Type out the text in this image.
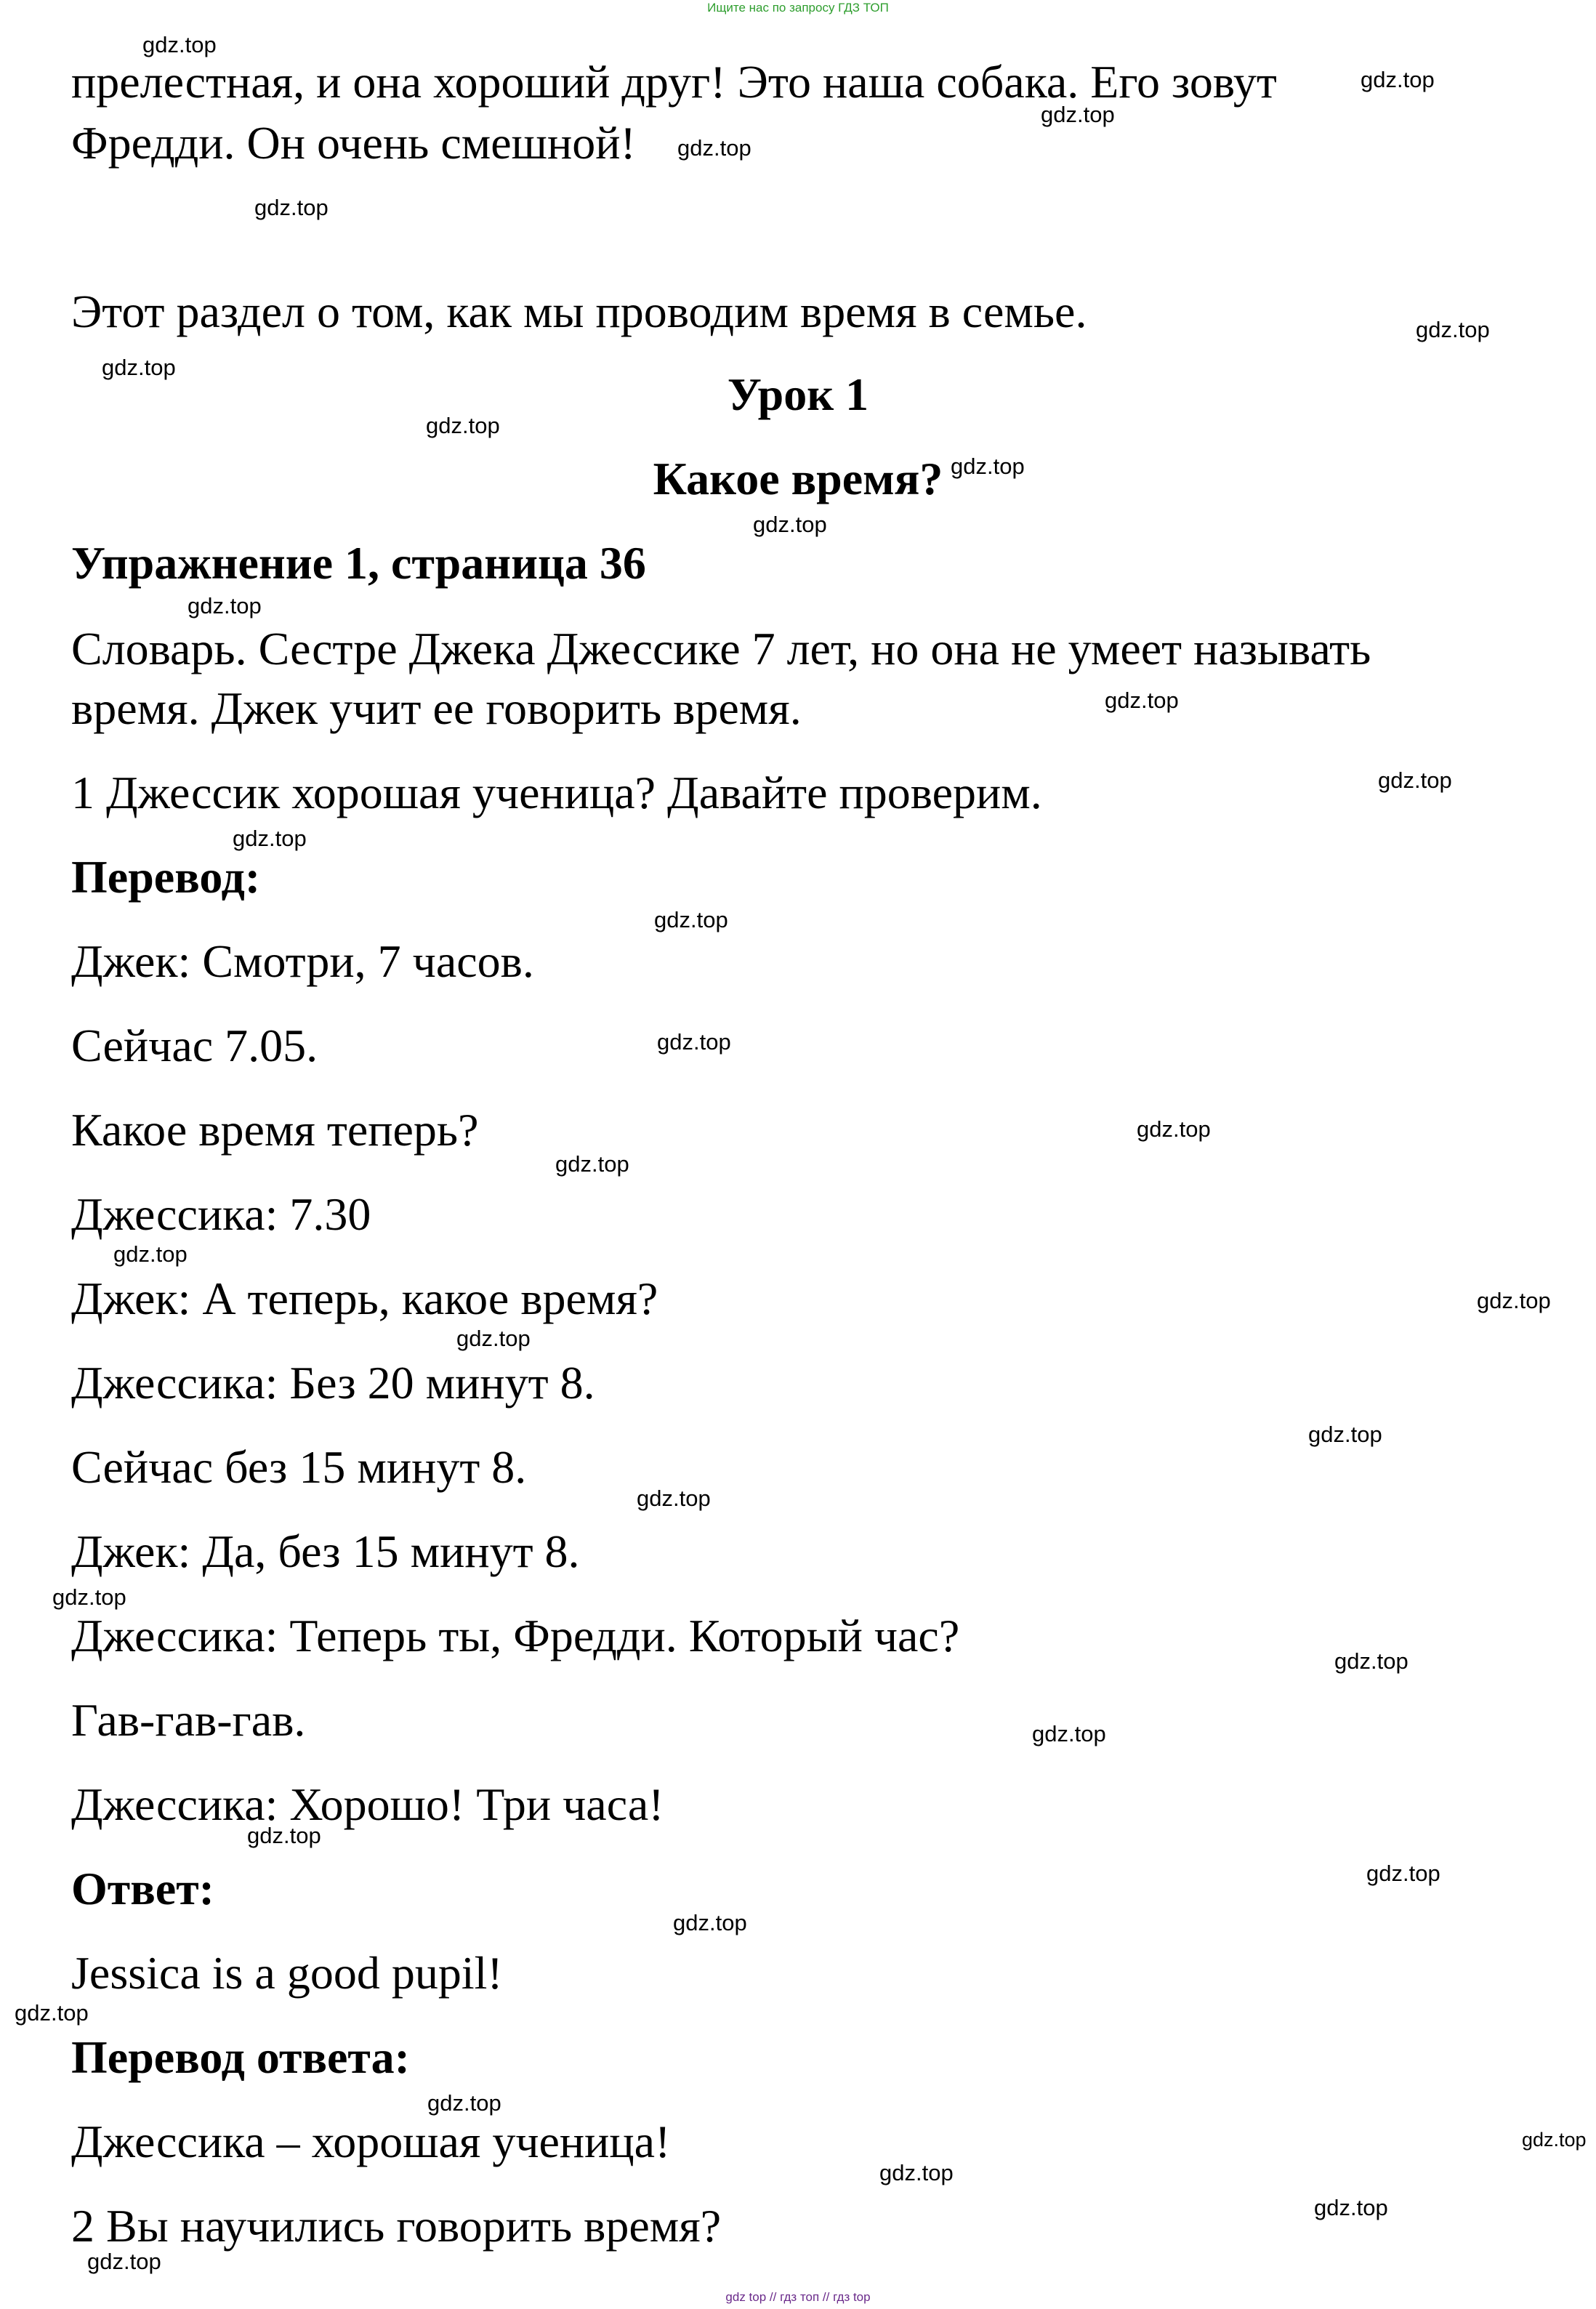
Ищите нас по запросу ГДЗ ТОП
прелестная, и она хороший друг! Это наша собака. Его зовут
Фредди. Он очень смешной!
Этот раздел о том, как мы проводим время в семье.
Урок 1
Какое время?
Упражнение 1, страница 36
Словарь. Сестре Джека Джессике 7 лет, но она не умеет называть
время. Джек учит ее говорить время.
1 Джессик хорошая ученица? Давайте проверим.
Перевод:
Джек: Смотри, 7 часов.
Сейчас 7.05.
Какое время теперь?
Джессика: 7.30
Джек: А теперь, какое время?
Джессика: Без 20 минут 8.
Сейчас без 15 минут 8.
Джек: Да, без 15 минут 8.
Джессика: Теперь ты, Фредди. Который час?
Гав-гав-гав.
Джессика: Хорошо! Три часа!
Ответ:
Jessica is a good pupil!
Перевод ответа:
Джессика – хорошая ученица!
2 Вы научились говорить время?
gdz.top
gdz.top
gdz.top
gdz.top
gdz.top
gdz.top
gdz.top
gdz.top
gdz.top
gdz.top
gdz.top
gdz.top
gdz.top
gdz.top
gdz.top
gdz.top
gdz.top
gdz.top
gdz.top
gdz.top
gdz.top
gdz.top
gdz.top
gdz.top
gdz.top
gdz.top
gdz.top
gdz.top
gdz.top
gdz.top
gdz.top
gdz.top
gdz.top
gdz.top
gdz.top
gdz top // гдз топ // гдз top
